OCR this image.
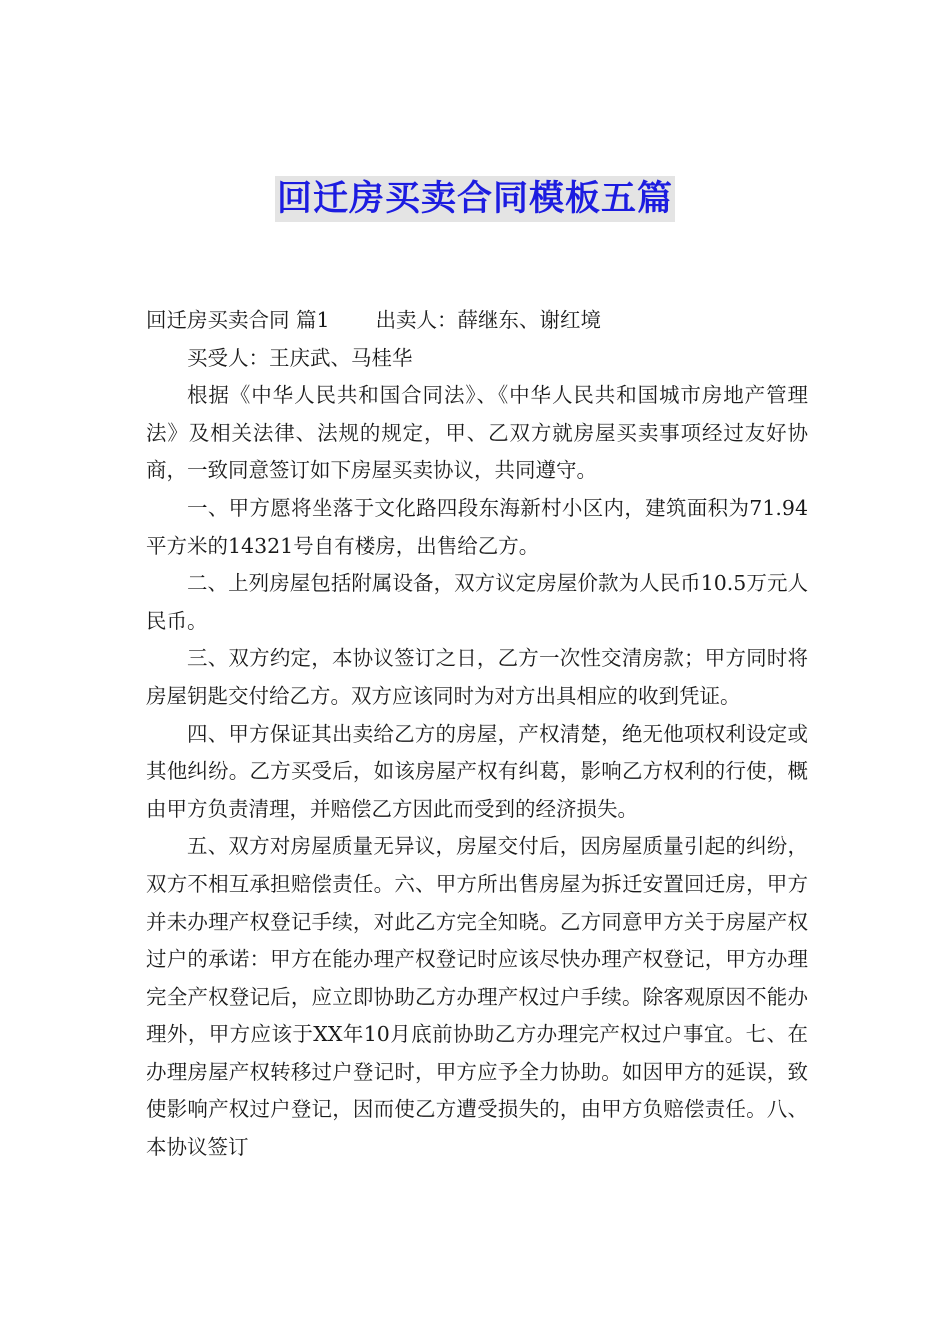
回迁房买卖合同模板五篇

回迁房买卖合同 篇1 出卖人：薛继东、谢红境

买受人：王庆武、马桂华

根据《中华人民共和国合同法》、《中华人民共和国城市房地产管理法》及相关法律、法规的规定，甲、乙双方就房屋买卖事项经过友好协商，一致同意签订如下房屋买卖协议，共同遵守。

一、甲方愿将坐落于文化路四段东海新村小区内，建筑面积为71.94平方米的14321号自有楼房，出售给乙方。

二、上列房屋包括附属设备，双方议定房屋价款为人民币10.5万元人民币。

三、双方约定，本协议签订之日，乙方一次性交清房款；甲方同时将房屋钥匙交付给乙方。双方应该同时为对方出具相应的收到凭证。

四、甲方保证其出卖给乙方的房屋，产权清楚，绝无他项权利设定或其他纠纷。乙方买受后，如该房屋产权有纠葛，影响乙方权利的行使，概由甲方负责清理，并赔偿乙方因此而受到的经济损失。

五、双方对房屋质量无异议，房屋交付后，因房屋质量引起的纠纷，双方不相互承担赔偿责任。六、甲方所出售房屋为拆迁安置回迁房，甲方并未办理产权登记手续，对此乙方完全知晓。乙方同意甲方关于房屋产权过户的承诺：甲方在能办理产权登记时应该尽快办理产权登记，甲方办理完全产权登记后，应立即协助乙方办理产权过户手续。除客观原因不能办理外，甲方应该于XX年10月底前协助乙方办理完产权过户事宜。七、在办理房屋产权转移过户登记时，甲方应予全力协助。如因甲方的延误，致使影响产权过户登记，因而使乙方遭受损失的，由甲方负赔偿责任。八、本协议签订
